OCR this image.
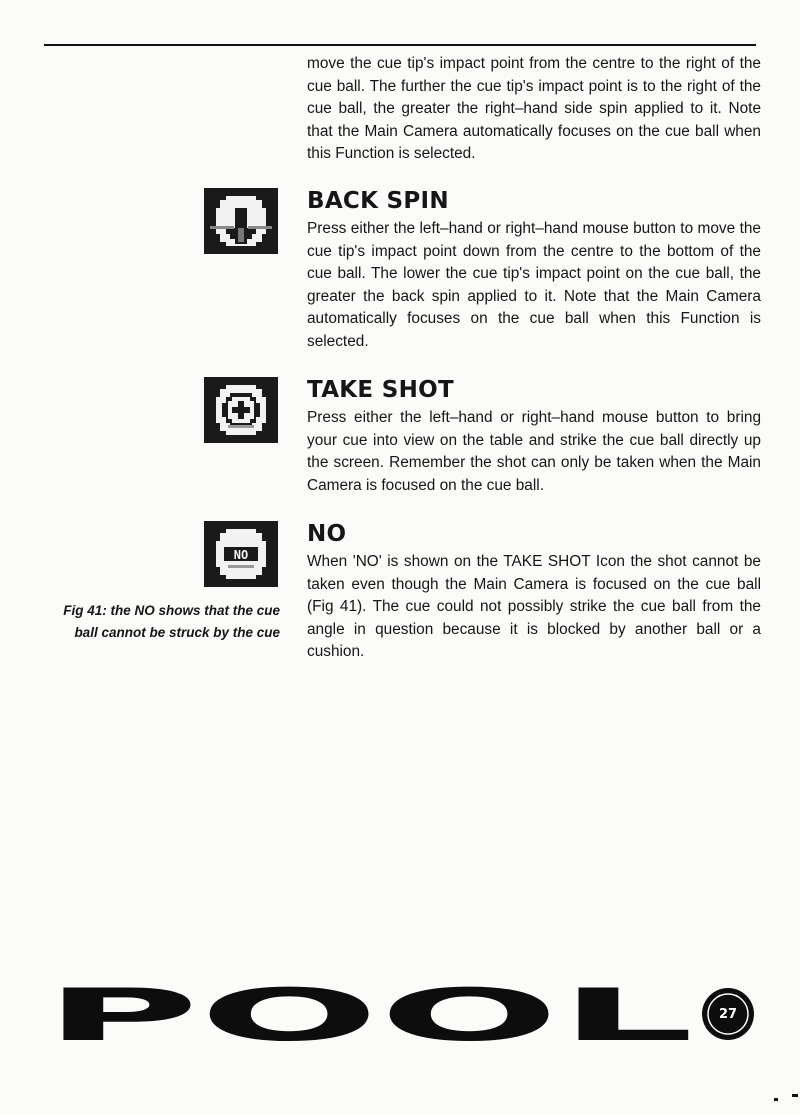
move the cue tip's impact point from the centre to the right of the cue ball. The further the cue tip's impact point is to the right of the cue ball, the greater the right–hand side spin applied to it. Note that the Main Camera automatically focuses on the cue ball when this Function is selected.

BACK SPIN

Press either the left–hand or right–hand mouse button to move the cue tip's impact point down from the centre to the bottom of the cue ball. The lower the cue tip's impact point on the cue ball, the greater the back spin applied to it. Note that the Main Camera automatically focuses on the cue ball when this Function is selected.

TAKE SHOT

Press either the left–hand or right–hand mouse button to bring your cue into view on the table and strike the cue ball directly up the screen. Remember the shot can only be taken when the Main Camera is focused on the cue ball.

NO
NO

When 'NO' is shown on the TAKE SHOT Icon the shot cannot be taken even though the Main Camera is focused on the cue ball (Fig 41). The cue could not possibly strike the cue ball from the angle in question because it is blocked by another ball or a cushion.

Fig 41: the NO shows that the cue ball cannot be struck by the cue
POOL	27
